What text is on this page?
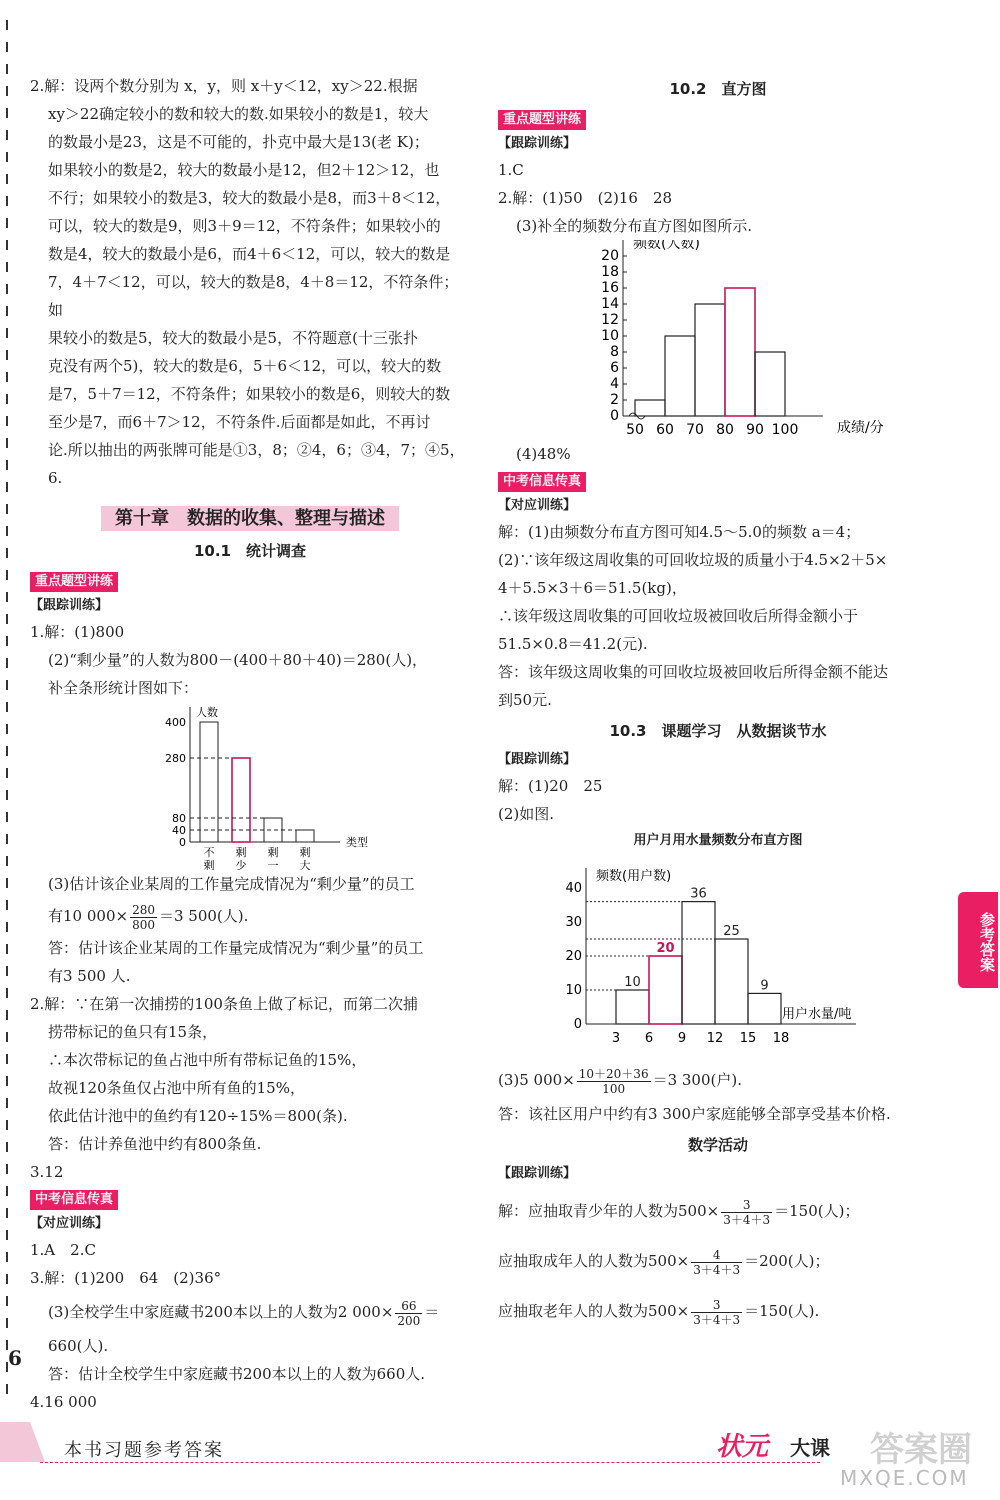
2.解：设两个数分别为 x，y，则 x＋y＜12，xy＞22.根据

xy＞22确定较小的数和较大的数.如果较小的数是1，较大

的数最小是23，这是不可能的，扑克中最大是13(老 K)；

如果较小的数是2，较大的数最小是12，但2＋12＞12，也

不行；如果较小的数是3，较大的数最小是8，而3＋8＜12，

可以，较大的数是9，则3＋9＝12，不符条件；如果较小的

数是4，较大的数最小是6，而4＋6＜12，可以，较大的数是

7，4＋7＜12，可以，较大的数是8，4＋8＝12，不符条件；如

果较小的数是5，较大的数最小是5，不符题意(十三张扑

克没有两个5)，较大的数是6，5＋6＜12，可以，较大的数

是7，5＋7＝12，不符条件；如果较小的数是6，则较大的数

至少是7，而6＋7＞12，不符条件.后面都是如此，不再讨

论.所以抽出的两张牌可能是①3，8；②4，6；③4，7；④5，6.

第十章　数据的收集、整理与描述
10.1　统计调查
重点题型讲练
【跟踪训练】

1.解：(1)800

(2)“剩少量”的人数为800－(400＋80＋40)＝280(人)，

补全条形统计图如下：

人数
类型
0
40
80
280
400
不
剩
剩
少
剩
一
剩
大

(3)估计该企业某周的工作量完成情况为“剩少量”的员工

有10 $000\times \frac{280}{800} =3$ 500(人).

答：估计该企业某周的工作量完成情况为“剩少量”的员工

有3 500 人.

2.解：∵在第一次捕捞的100条鱼上做了标记，而第二次捕

捞带标记的鱼只有15条，

∴本次带标记的鱼占池中所有带标记鱼的15%，

故视120条鱼仅占池中所有鱼的15%，

依此估计池中的鱼约有120÷15%＝800(条).

答：估计养鱼池中约有800条鱼.

3.12

中考信息传真
【对应训练】

1.A　2.C

3.解：(1)200　64　(2)36°

(3)全校学生中家庭藏书200本以上的人数为2 $000\times \frac{66}{200}$ ＝

660(人).

答：估计全校学生中家庭藏书200本以上的人数为660人.

4.16 000

10.2　直方图
重点题型讲练
【跟踪训练】

1.C

2.解：(1)50　(2)16　28

(3)补全的频数分布直方图如图所示.

频数(人数)
成绩/分
0
2
4
6
8
10
12
14
16
18
20
50 60 70 80 90 100

(4)48%

中考信息传真
【对应训练】

解：(1)由频数分布直方图可知4.5～5.0的频数 a＝4；

(2)∵该年级这周收集的可回收垃圾的质量小于4.5×2＋5×

4＋5.5×3＋6＝51.5(kg)，

∴该年级这周收集的可回收垃圾被回收后所得金额小于

51.5×0.8＝41.2(元).

答：该年级这周收集的可回收垃圾被回收后所得金额不能达

到50元.

10.3　课题学习　从数据谈节水
【跟踪训练】

解：(1)20　25

(2)如图.

用户月用水量频数分布直方图
频数(用户数)
用户水量/吨
0
10
20
30
40
3 6 9 12 15 18
10
20
36
25
9

(3)5 $000\times \frac{10+20+36}{100} =3$ 300(户).

答：该社区用户中约有3 300户家庭能够全部享受基本价格.

数学活动
【跟踪训练】

解：应抽取青少年的人数为$500\times \frac{3}{3+4+3} =150$(人)；

应抽取成年人的人数为$500\times \frac{4}{3+4+3} =200$(人)；

应抽取老年人的人数为$500\times \frac{3}{3+4+3} =150$(人).

参考答案
6
本书习题参考答案	状元 大课 答案圈
MXQE.COM
